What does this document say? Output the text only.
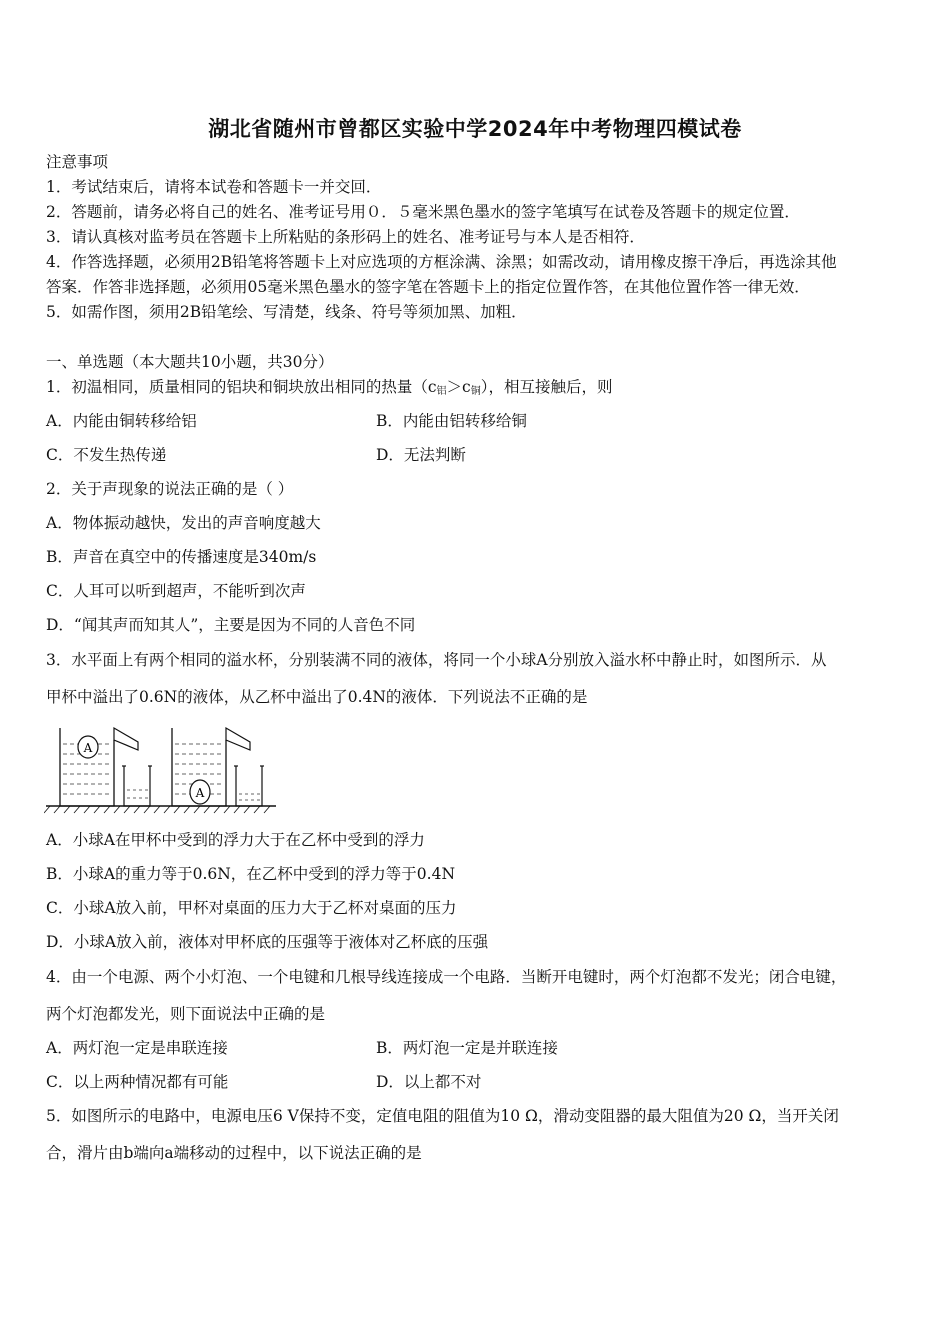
湖北省随州市曾都区实验中学2024年中考物理四模试卷
注意事项
1．考试结束后，请将本试卷和答题卡一并交回．
2．答题前，请务必将自己的姓名、准考证号用０．５毫米黑色墨水的签字笔填写在试卷及答题卡的规定位置．
3．请认真核对监考员在答题卡上所粘贴的条形码上的姓名、准考证号与本人是否相符．
4．作答选择题，必须用2B铅笔将答题卡上对应选项的方框涂满、涂黑；如需改动，请用橡皮擦干净后，再选涂其他
答案．作答非选择题，必须用05毫米黑色墨水的签字笔在答题卡上的指定位置作答，在其他位置作答一律无效．
5．如需作图，须用2B铅笔绘、写清楚，线条、符号等须加黑、加粗．
一、单选题（本大题共10小题，共30分）
1．初温相同，质量相同的铝块和铜块放出相同的热量$(c_铝>c_铜)$，相互接触后，则
A．内能由铜转移给铝	B．内能由铝转移给铜
C．不发生热传递	D．无法判断
2．关于声现象的说法正确的是（ ）
A．物体振动越快，发出的声音响度越大
B．声音在真空中的传播速度是340m/s
C．人耳可以听到超声，不能听到次声
D．“闻其声而知其人”，主要是因为不同的人音色不同
3．水平面上有两个相同的溢水杯，分别装满不同的液体，将同一个小球A分别放入溢水杯中静止时，如图所示．从
甲杯中溢出了0.6N的液体，从乙杯中溢出了0.4N的液体．下列说法不正确的是
A
A
A．小球A在甲杯中受到的浮力大于在乙杯中受到的浮力
B．小球A的重力等于0.6N，在乙杯中受到的浮力等于0.4N
C．小球A放入前，甲杯对桌面的压力大于乙杯对桌面的压力
D．小球A放入前，液体对甲杯底的压强等于液体对乙杯底的压强
4．由一个电源、两个小灯泡、一个电键和几根导线连接成一个电路．当断开电键时，两个灯泡都不发光；闭合电键，
两个灯泡都发光，则下面说法中正确的是
A．两灯泡一定是串联连接	B．两灯泡一定是并联连接
C．以上两种情况都有可能	D．以上都不对
5．如图所示的电路中，电源电压6 V保持不变，定值电阻的阻值为10 Ω，滑动变阻器的最大阻值为20 Ω，当开关闭
合，滑片由b端向a端移动的过程中，以下说法正确的是
